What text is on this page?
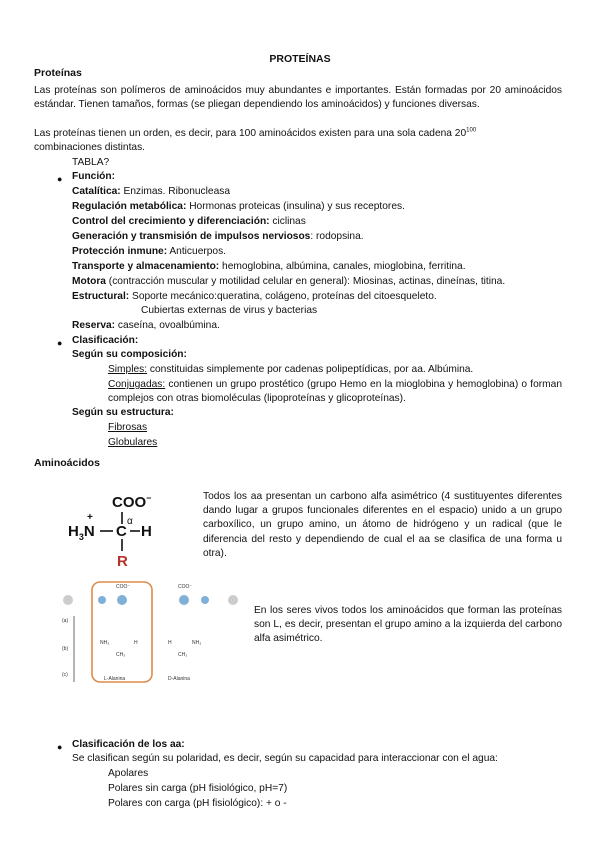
PROTEÍNAS
Proteínas
Las proteínas son polímeros de aminoácidos muy abundantes e importantes. Están formadas por 20 aminoácidos estándar. Tienen tamaños, formas (se pliegan dependiendo los aminoácidos) y funciones diversas.
Las proteínas tienen un orden, es decir, para 100 aminoácidos existen para una sola cadena $20^{100}$
combinaciones distintas.
TABLA?
● Función:
Catalítica: Enzimas. Ribonucleasa
Regulación metabólica: Hormonas proteicas (insulina) y sus receptores.
Control del crecimiento y diferenciación: ciclinas
Generación y transmisión de impulsos nerviosos: rodopsina.
Protección inmune: Anticuerpos.
Transporte y almacenamiento: hemoglobina, albúmina, canales, mioglobina, ferritina.
Motora (contracción muscular y motilidad celular en general): Miosinas, actinas, dineínas, titina.
Estructural: Soporte mecánico:queratina, colágeno, proteínas del citoesqueleto.
Cubiertas externas de virus y bacterias
Reserva: caseína, ovoalbúmina.
● Clasificación:
Según su composición:
Simples: constituidas simplemente por cadenas polipeptídicas, por aa. Albúmina.
Conjugadas: contienen un grupo prostético (grupo Hemo en la mioglobina y hemoglobina) o forman complejos con otras biomoléculas (lipoproteínas y glicoproteínas).
Según su estructura:
Fibrosas
Globulares
Aminoácidos
COO−
$H_3N$
+
C
α
H
R
Todos los aa presentan un carbono alfa asimétrico (4 sustituyentes diferentes dando lugar a grupos funcionales diferentes en el espacio) unido a un grupo carboxílico, un grupo amino, un átomo de hidrógeno y un radical (que le diferencia del resto y dependiendo de cual el aa se clasifica de una forma u otra).
COO⁻	COO⁻
(a)
(b)
(c)
NH₃	H
CH₃
H	NH₃
CH₃
L-Alanina	D-Alanina
En los seres vivos todos los aminoácidos que forman las proteínas son L, es decir, presentan el grupo amino a la izquierda del carbono alfa asimétrico.
● Clasificación de los aa:
Se clasifican según su polaridad, es decir, según su capacidad para interaccionar con el agua:
Apolares
Polares sin carga (pH fisiológico, pH=7)
Polares con carga (pH fisiológico): + o -
